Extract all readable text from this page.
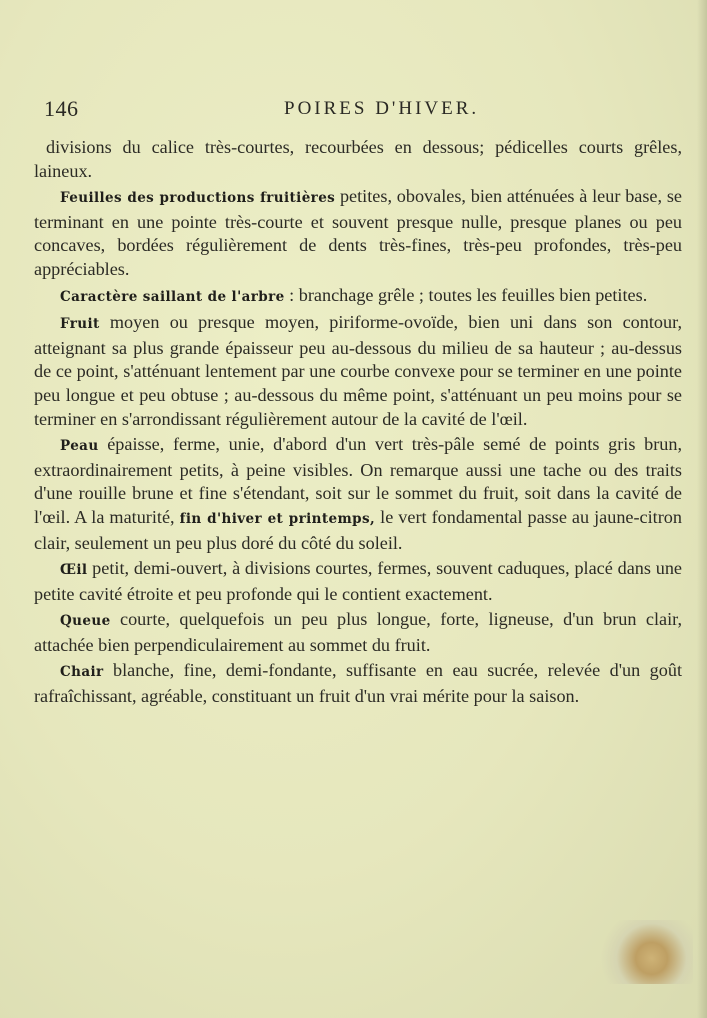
146	POIRES D'HIVER.

divisions du calice très-courtes, recourbées en dessous; pédicelles courts grêles, laineux.

Feuilles des productions fruitières petites, obovales, bien atténuées à leur base, se terminant en une pointe très-courte et souvent presque nulle, presque planes ou peu concaves, bordées régulièrement de dents très-fines, très-peu profondes, très-peu appréciables.

Caractère saillant de l'arbre : branchage grêle ; toutes les feuilles bien petites.

Fruit moyen ou presque moyen, piriforme-ovoïde, bien uni dans son contour, atteignant sa plus grande épaisseur peu au-dessous du milieu de sa hauteur ; au-dessus de ce point, s'atténuant lentement par une courbe convexe pour se terminer en une pointe peu longue et peu obtuse ; au-dessous du même point, s'atténuant un peu moins pour se terminer en s'arrondissant régulièrement autour de la cavité de l'œil.

Peau épaisse, ferme, unie, d'abord d'un vert très-pâle semé de points gris brun, extraordinairement petits, à peine visibles. On remarque aussi une tache ou des traits d'une rouille brune et fine s'étendant, soit sur le sommet du fruit, soit dans la cavité de l'œil. A la maturité, fin d'hiver et printemps, le vert fondamental passe au jaune-citron clair, seulement un peu plus doré du côté du soleil.

Œil petit, demi-ouvert, à divisions courtes, fermes, souvent caduques, placé dans une petite cavité étroite et peu profonde qui le contient exactement.

Queue courte, quelquefois un peu plus longue, forte, ligneuse, d'un brun clair, attachée bien perpendiculairement au sommet du fruit.

Chair blanche, fine, demi-fondante, suffisante en eau sucrée, relevée d'un goût rafraîchissant, agréable, constituant un fruit d'un vrai mérite pour la saison.
